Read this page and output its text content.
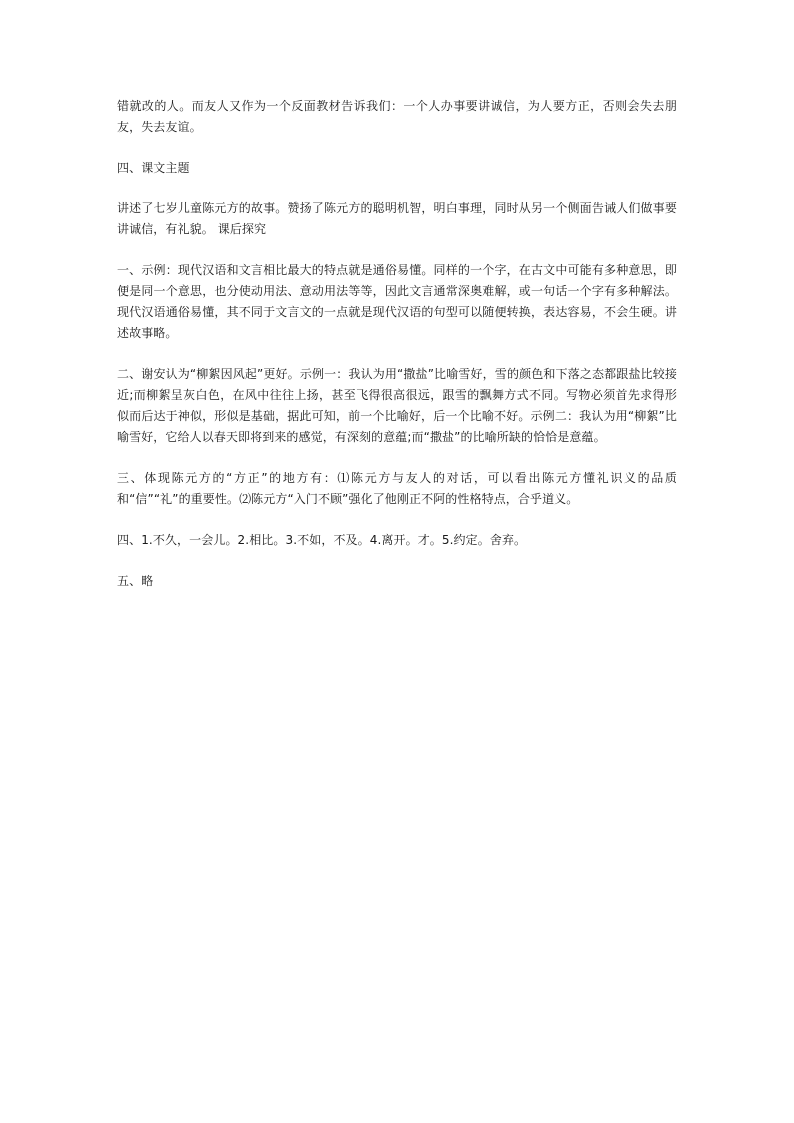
错就改的人。而友人又作为一个反面教材告诉我们：一个人办事要讲诚信，为人要方正，否则会失去朋友，失去友谊。

四、课文主题

讲述了七岁儿童陈元方的故事。赞扬了陈元方的聪明机智，明白事理，同时从另一个侧面告诫人们做事要讲诚信，有礼貌。 课后探究

一、示例：现代汉语和文言相比最大的特点就是通俗易懂。同样的一个字，在古文中可能有多种意思，即便是同一个意思，也分使动用法、意动用法等等，因此文言通常深奥难解，或一句话一个字有多种解法。现代汉语通俗易懂，其不同于文言文的一点就是现代汉语的句型可以随便转换，表达容易，不会生硬。讲述故事略。

二、谢安认为“柳絮因风起”更好。示例一：我认为用“撒盐”比喻雪好，雪的颜色和下落之态都跟盐比较接近;而柳絮呈灰白色，在风中往往上扬，甚至飞得很高很远，跟雪的飘舞方式不同。写物必须首先求得形似而后达于神似，形似是基础，据此可知，前一个比喻好，后一个比喻不好。示例二：我认为用“柳絮”比喻雪好，它给人以春天即将到来的感觉，有深刻的意蕴;而“撒盐”的比喻所缺的恰恰是意蕴。

三、体现陈元方的“方正”的地方有：⑴陈元方与友人的对话，可以看出陈元方懂礼识义的品质和“信”“礼”的重要性。⑵陈元方“入门不顾”强化了他刚正不阿的性格特点，合乎道义。

四、1.不久，一会儿。2.相比。3.不如，不及。4.离开。才。5.约定。舍弃。

五、略
